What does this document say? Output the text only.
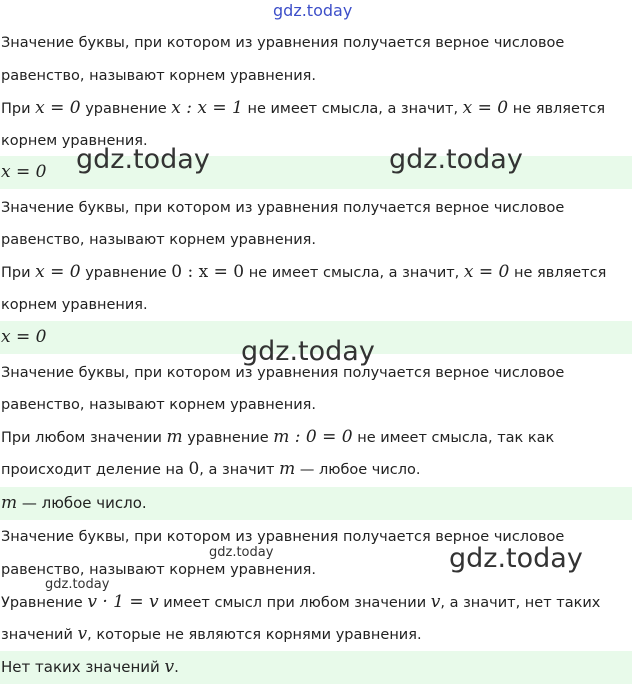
gdz.today
Значение буквы, при котором из уравнения получается верное числовое
равенство, называют корнем уравнения.
При x = 0 уравнение x : x = 1 не имеет смысла, а значит, x = 0 не является
корнем уравнения.
x = 0
Значение буквы, при котором из уравнения получается верное числовое
равенство, называют корнем уравнения.
При x = 0 уравнение 0 : x = 0 не имеет смысла, а значит, x = 0 не является
корнем уравнения.
x = 0
Значение буквы, при котором из уравнения получается верное числовое
равенство, называют корнем уравнения.
При любом значении m уравнение m : 0 = 0 не имеет смысла, так как
происходит деление на 0, а значит m — любое число.
m — любое число.
Значение буквы, при котором из уравнения получается верное числовое
равенство, называют корнем уравнения.
Уравнение v · 1 = v имеет смысл при любом значении v, а значит, нет таких
значений v, которые не являются корнями уравнения.
Нет таких значений v.
gdz.today	gdz.today
gdz.today
gdz.today	gdz.today
gdz.today
